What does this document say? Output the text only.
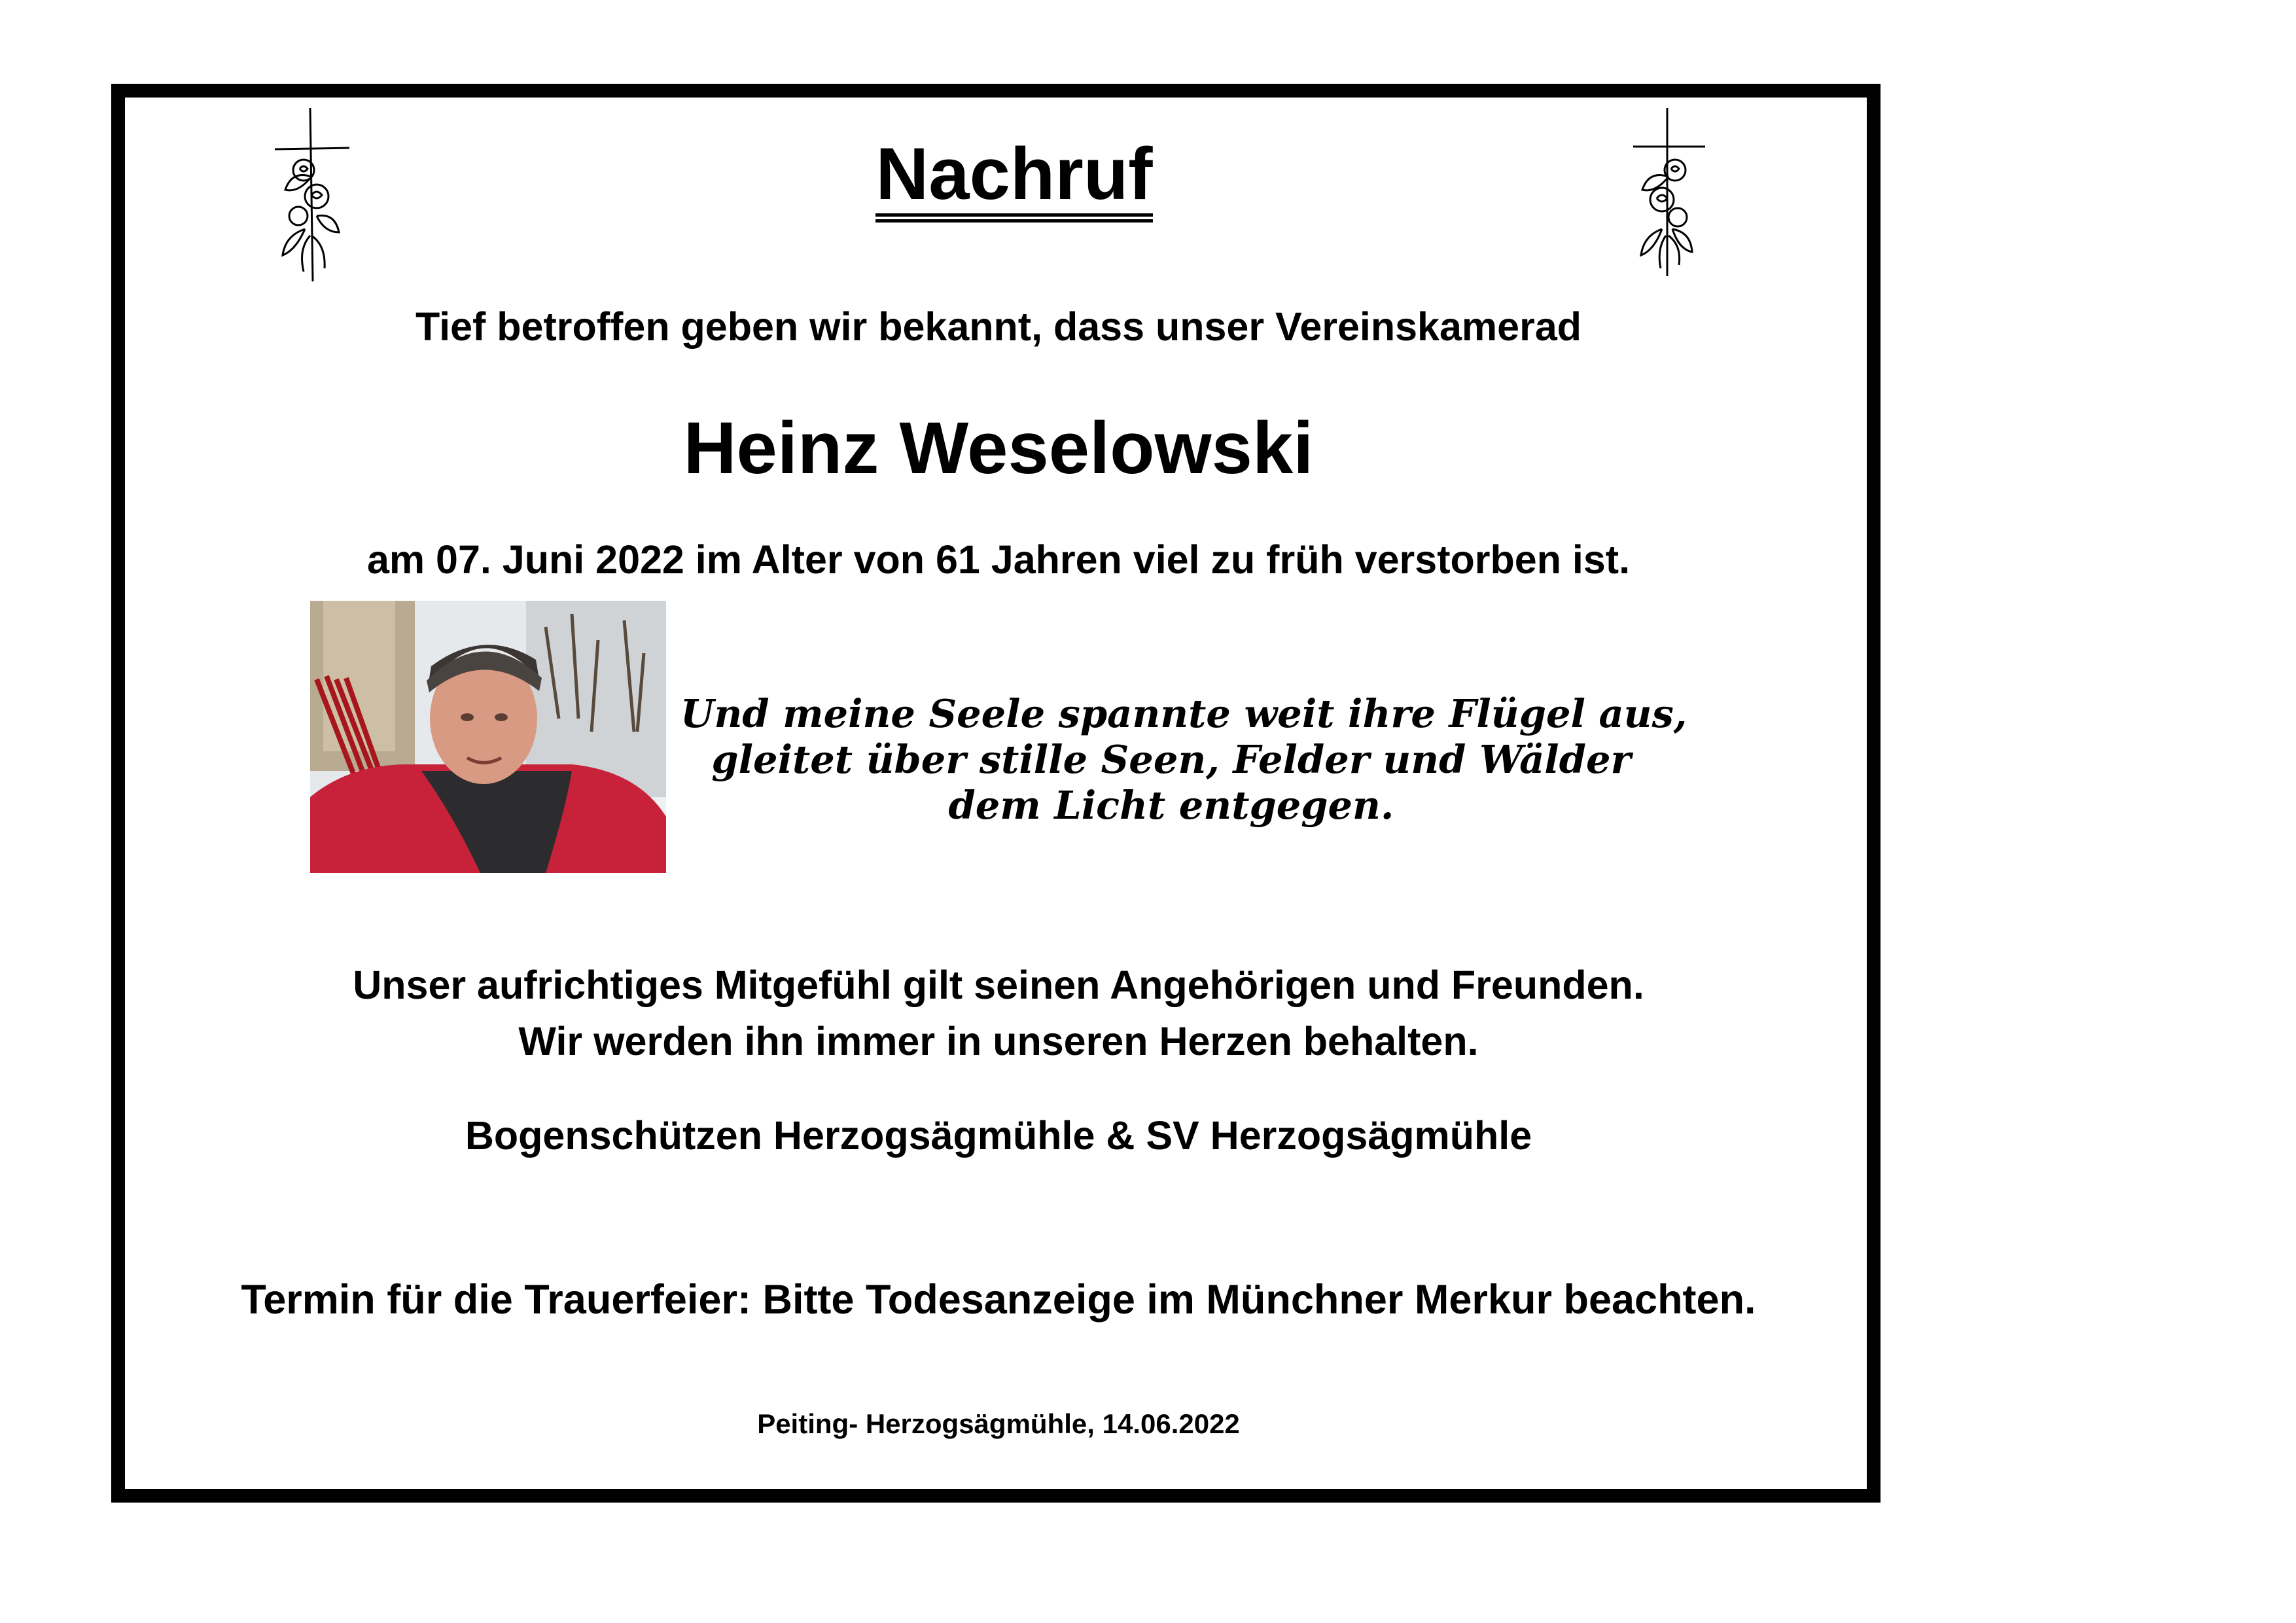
Nachruf
Tief betroffen geben wir bekannt, dass unser Vereinskamerad
Heinz Weselowski
am 07. Juni 2022 im Alter von 61 Jahren viel zu früh verstorben ist.
Und meine Seele spannte weit ihre Flügel aus,
gleitet über stille Seen, Felder und Wälder
dem Licht entgegen.
Unser aufrichtiges Mitgefühl gilt seinen Angehörigen und Freunden.
Wir werden ihn immer in unseren Herzen behalten.
Bogenschützen Herzogsägmühle & SV Herzogsägmühle
Termin für die Trauerfeier: Bitte Todesanzeige im Münchner Merkur beachten.
Peiting- Herzogsägmühle, 14.06.2022
